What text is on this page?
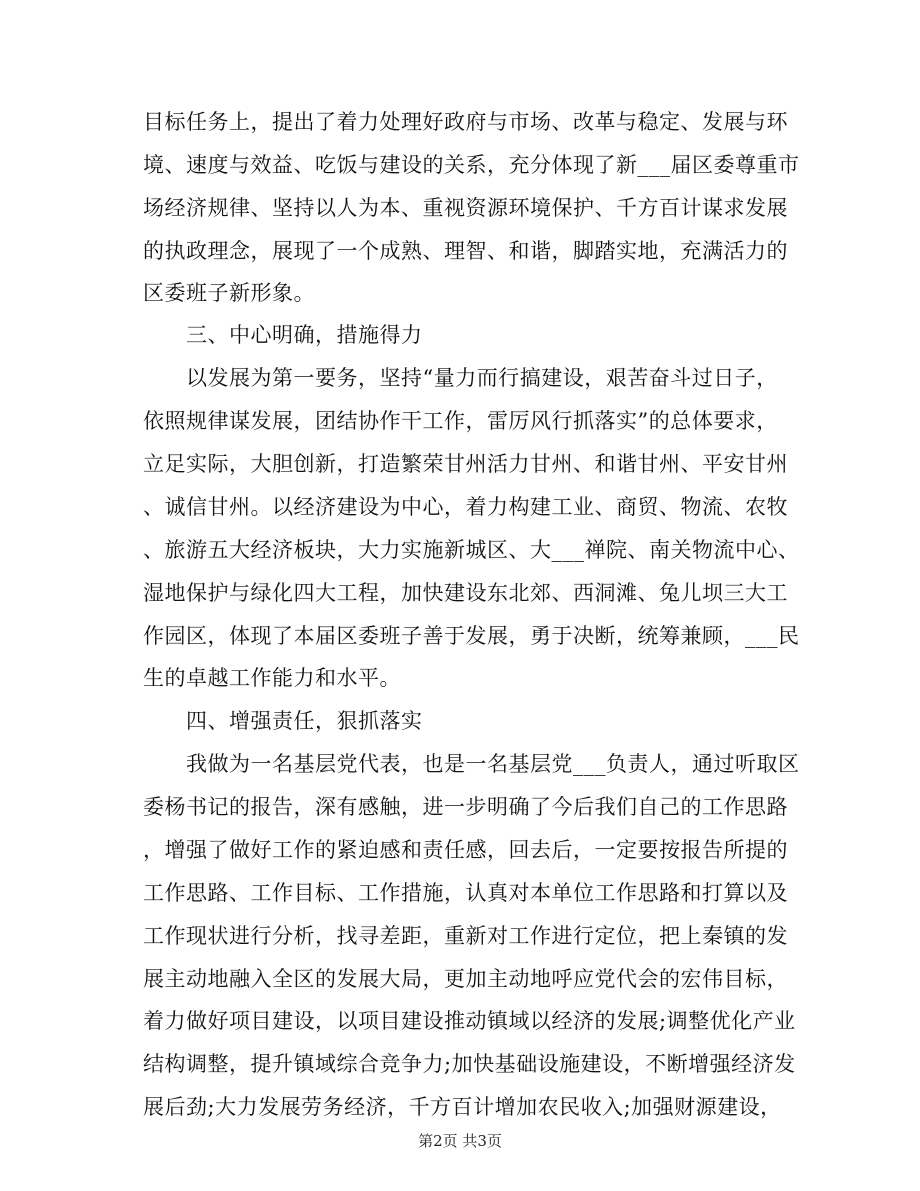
目标任务上，提出了着力处理好政府与市场、改革与稳定、发展与环
境、速度与效益、吃饭与建设的关系，充分体现了新___届区委尊重市
场经济规律、坚持以人为本、重视资源环境保护、千方百计谋求发展
的执政理念，展现了一个成熟、理智、和谐，脚踏实地，充满活力的
区委班子新形象。
　　三、中心明确，措施得力
　　以发展为第一要务，坚持“量力而行搞建设，艰苦奋斗过日子，
依照规律谋发展，团结协作干工作，雷厉风行抓落实”的总体要求，
立足实际，大胆创新，打造繁荣甘州活力甘州、和谐甘州、平安甘州
、诚信甘州。以经济建设为中心，着力构建工业、商贸、物流、农牧
、旅游五大经济板块，大力实施新城区、大___禅院、南关物流中心、
湿地保护与绿化四大工程，加快建设东北郊、西洞滩、兔儿坝三大工
作园区，体现了本届区委班子善于发展，勇于决断，统筹兼顾，___民
生的卓越工作能力和水平。
　　四、增强责任，狠抓落实
　　我做为一名基层党代表，也是一名基层党___负责人，通过听取区
委杨书记的报告，深有感触，进一步明确了今后我们自己的工作思路
，增强了做好工作的紧迫感和责任感，回去后，一定要按报告所提的
工作思路、工作目标、工作措施，认真对本单位工作思路和打算以及
工作现状进行分析，找寻差距，重新对工作进行定位，把上秦镇的发
展主动地融入全区的发展大局，更加主动地呼应党代会的宏伟目标，
着力做好项目建设，以项目建设推动镇域以经济的发展;调整优化产业
结构调整，提升镇域综合竞争力;加快基础设施建设，不断增强经济发
展后劲;大力发展劳务经济，千方百计增加农民收入;加强财源建设，
第2页 共3页
